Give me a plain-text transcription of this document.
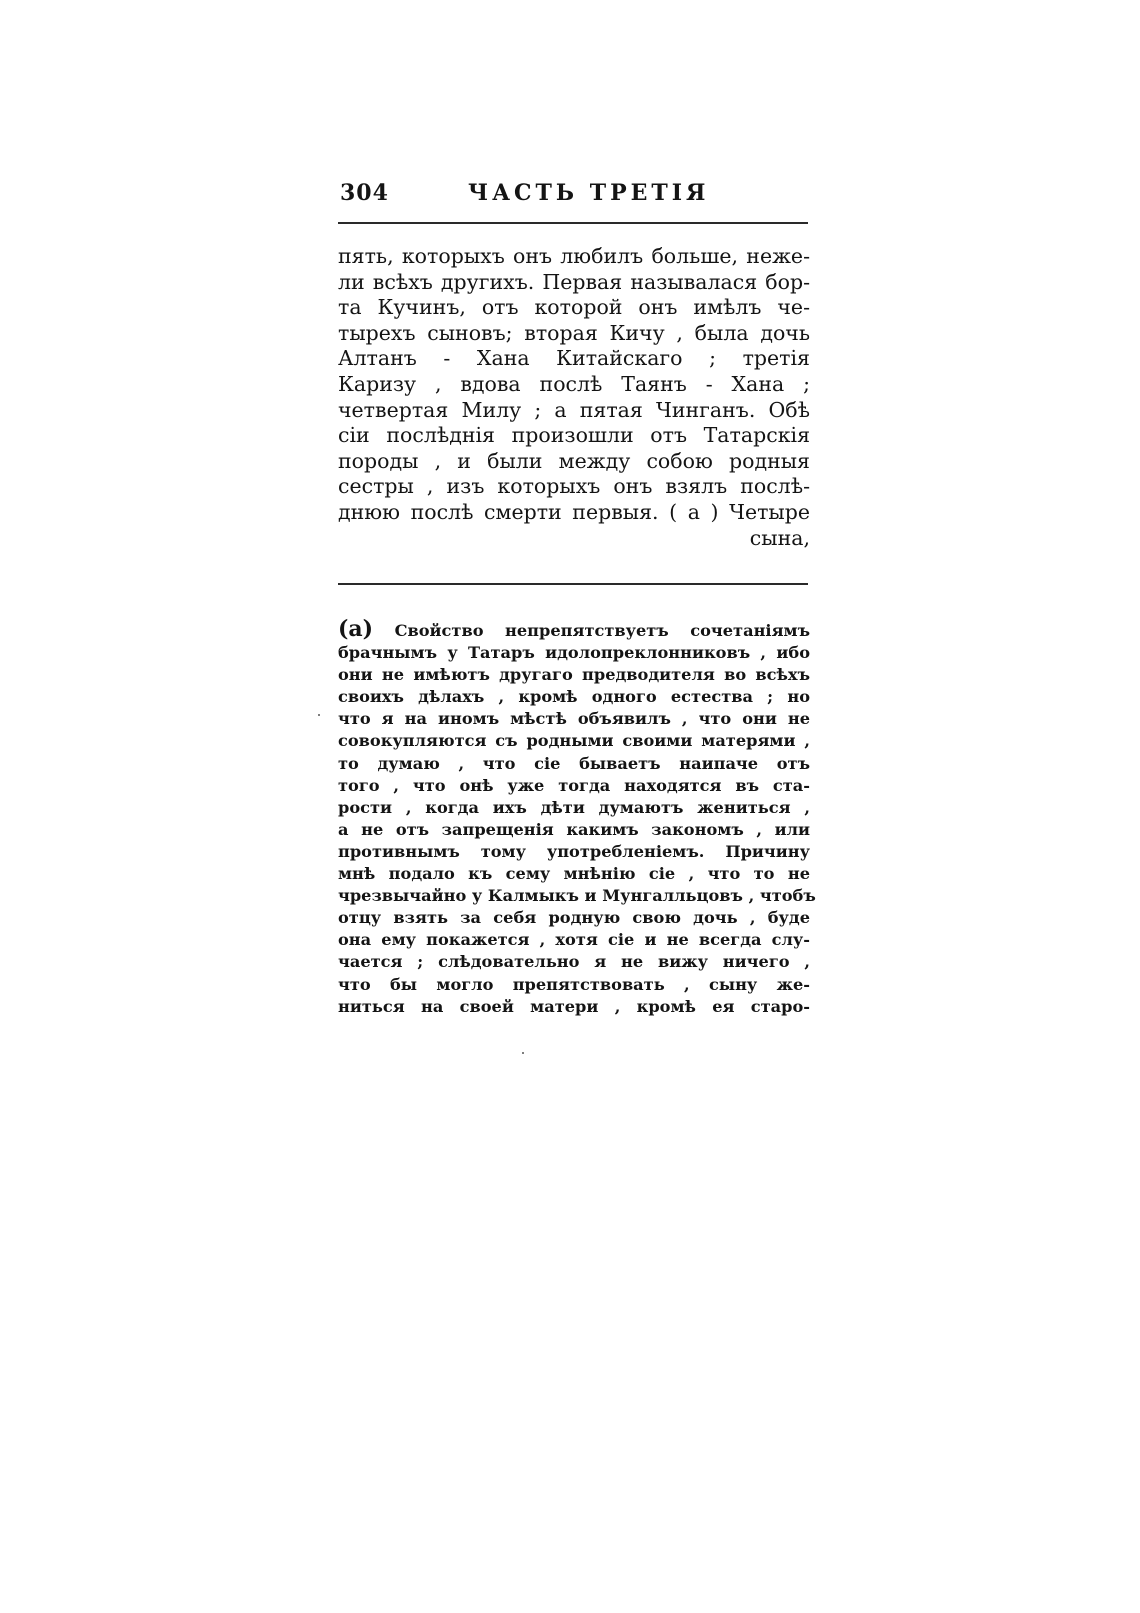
304	ЧАСТЬ ТРЕТІЯ
пять, которыхъ онъ любилъ больше, неже-
ли всѣхъ другихъ. Первая называлася бор-
та Кучинъ, отъ которой онъ имѣлъ че-
тырехъ сыновъ; вторая Кичу , была дочь
Алтанъ - Хана Китайскаго ; третія
Каризу , вдова послѣ Таянъ - Хана ;
четвертая Милу ; а пятая Чинганъ. Обѣ
сіи послѣднія произошли отъ Татарскія
породы , и были между собою родныя
сестры , изъ которыхъ онъ взялъ послѣ-
днюю послѣ смерти первыя. ( а ) Четыре
сына,
(а) Свойство непрепятствуетъ сочетаніямъ
брачнымъ у Татаръ идолопреклонниковъ , ибо
они не имѣютъ другаго предводителя во всѣхъ
своихъ дѣлахъ , кромѣ одного естества ; но
что я на иномъ мѣстѣ объявилъ , что они не
совокупляются съ родными своими матерями ,
то думаю , что сіе бываетъ наипаче отъ
того , что онѣ уже тогда находятся въ ста-
рости , когда ихъ дѣти думаютъ жениться ,
а не отъ запрещенія какимъ закономъ , или
противнымъ тому употребленіемъ. Причину
мнѣ подало къ сему мнѣнію сіе , что то не
чрезвычайно у Калмыкъ и Мунгалльцовъ , чтобъ
отцу взять за себя родную свою дочь , буде
она ему покажется , хотя сіе и не всегда слу-
чается ; слѣдовательно я не вижу ничего ,
что бы могло препятствовать , сыну же-
ниться на своей матери , кромѣ ея старо-
